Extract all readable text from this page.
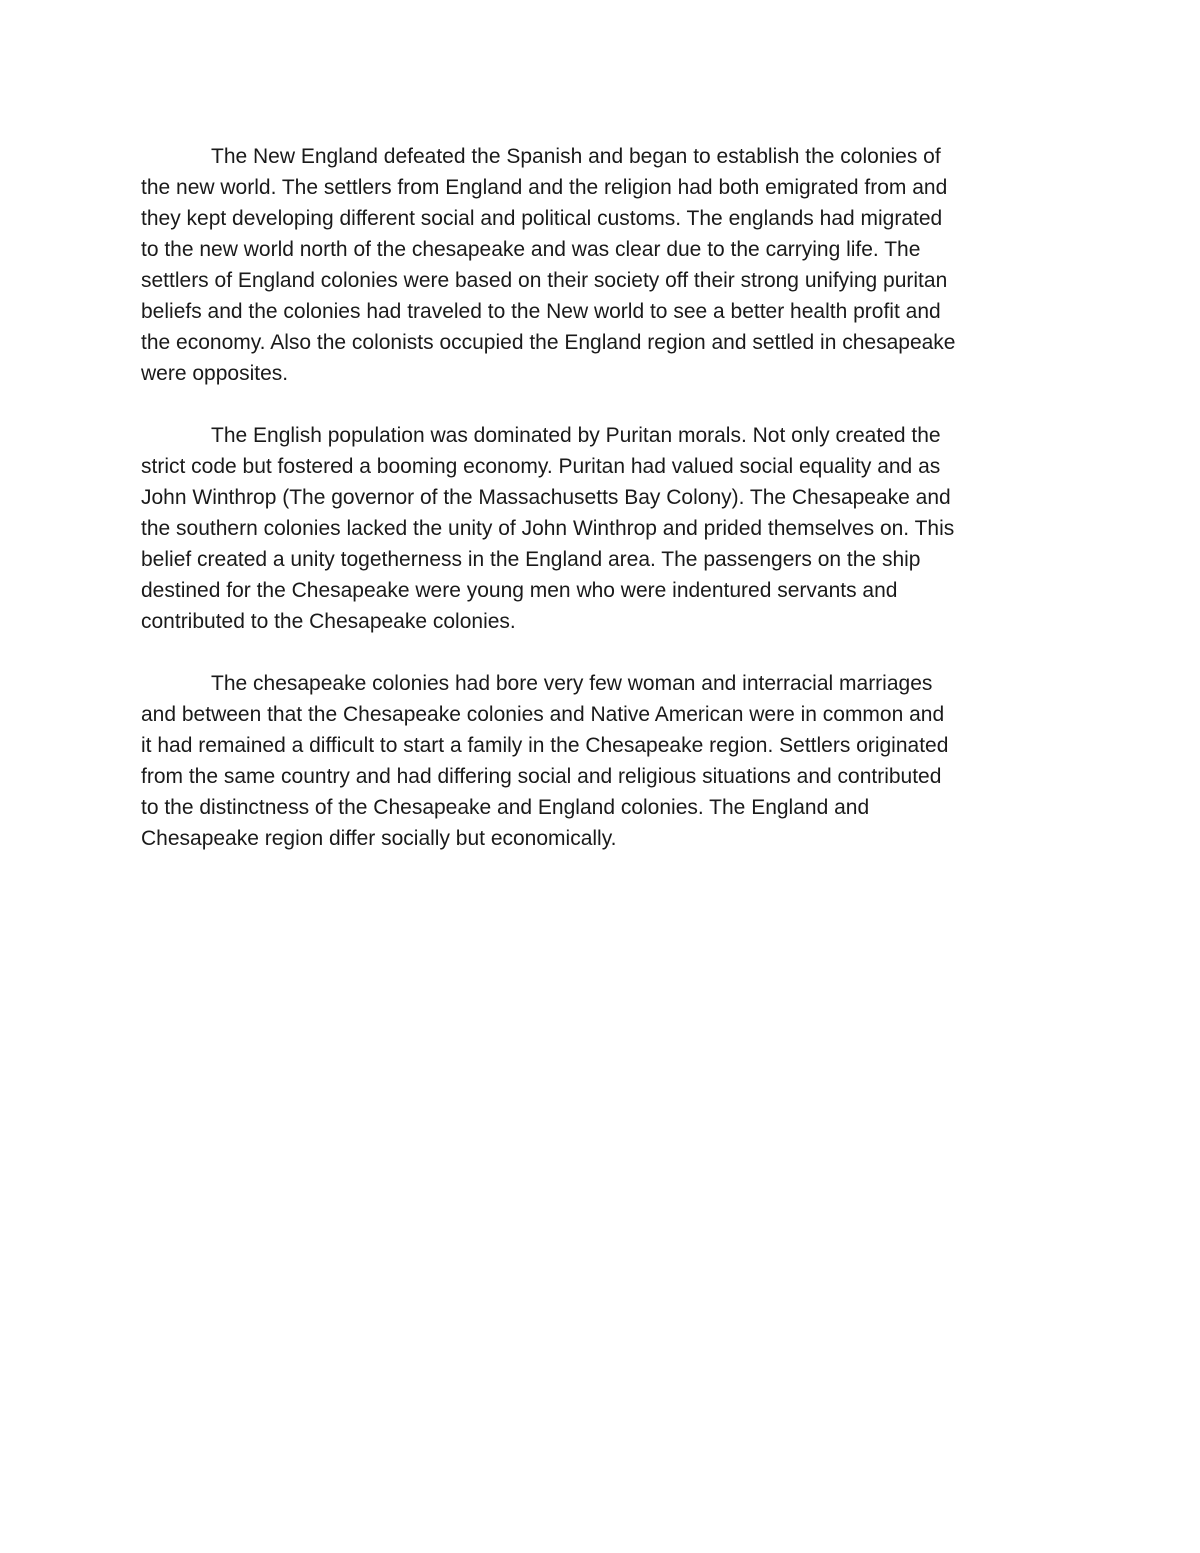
The New England defeated the Spanish and began to establish the colonies of
the new world. The settlers from England and the religion had both emigrated from and
they kept developing different social and political customs. The englands had migrated
to the new world north of the chesapeake and was clear due to the carrying life. The
settlers of England colonies were based on their society off their strong unifying puritan
beliefs and the colonies had traveled to the New world to see a better health profit and
the economy. Also the colonists occupied the England region and settled in chesapeake
were opposites.

The English population was dominated by Puritan morals. Not only created the
strict code but fostered a booming economy. Puritan had valued social equality and as
John Winthrop (The governor of the Massachusetts Bay Colony). The Chesapeake and
the southern colonies lacked the unity of John Winthrop and prided themselves on. This
belief created a unity togetherness in the England area. The passengers on the ship
destined for the Chesapeake were young men who were indentured servants and
contributed to the Chesapeake colonies.

The chesapeake colonies had bore very few woman and interracial marriages
and between that the Chesapeake colonies and Native American were in common and
it had remained a difficult to start a family in the Chesapeake region. Settlers originated
from the same country and had differing social and religious situations and contributed
to the distinctness of the Chesapeake and England colonies. The England and
Chesapeake region differ socially but economically.
